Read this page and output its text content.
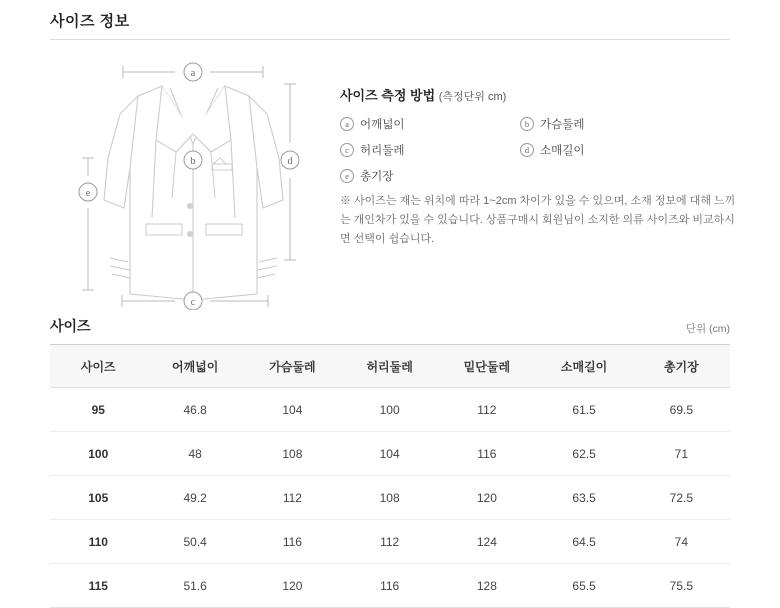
사이즈 정보
a
b
c
d
e
사이즈 측정 방법 (측정단위 cm)
a 어깨넓이	b 가슴둘레
c 허리둘레	d 소매길이
e 총기장
※ 사이즈는 재는 위치에 따라 1~2cm 차이가 있을 수 있으며, 소재 정보에 대해 느끼는 개인차가 있을 수 있습니다. 상품구매시 회원님이 소지한 의류 사이즈와 비교하시면 선택이 쉽습니다.
사이즈	단위 (cm)
사이즈	어깨넓이	가슴둘레	허리둘레	밑단둘레	소매길이	총기장
95	46.8	104	100	112	61.5	69.5
100	48	108	104	116	62.5	71
105	49.2	112	108	120	63.5	72.5
110	50.4	116	112	124	64.5	74
115	51.6	120	116	128	65.5	75.5
